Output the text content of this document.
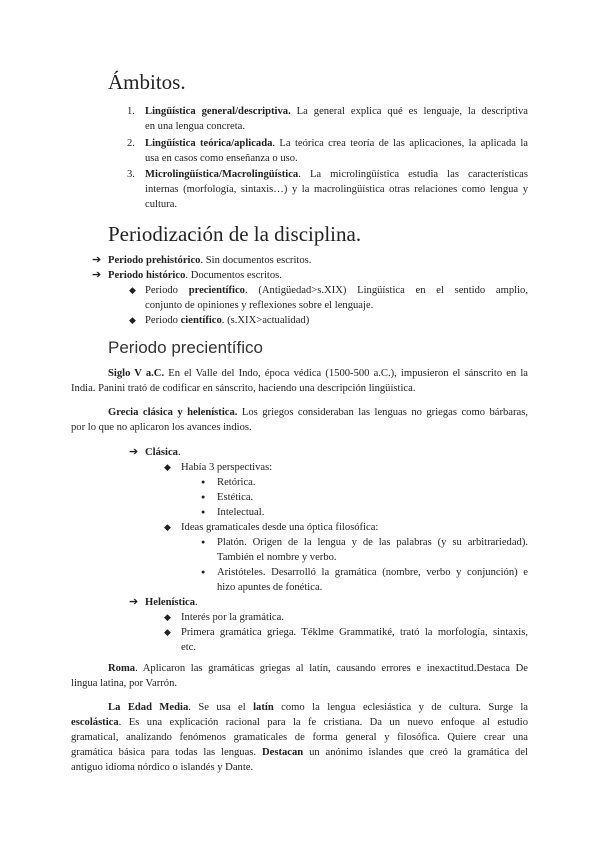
Ámbitos.
1. Lingüística general/descriptiva. La general explica qué es lenguaje, la descriptiva
en una lengua concreta.
2. Lingüística teórica/aplicada. La teórica crea teoría de las aplicaciones, la aplicada la
usa en casos como enseñanza o uso.
3. Microlingüística/Macrolingüística. La microlingüística estudia las características
internas (morfología, sintaxis…) y la macrolingüística otras relaciones como lengua y
cultura.
Periodización de la disciplina.
➔ Periodo prehistórico. Sin documentos escritos.
➔ Periodo histórico. Documentos escritos.
◆ Periodo precientífico. (Antigüedad>s.XIX) Lingüística en el sentido amplio,
conjunto de opiniones y reflexiones sobre el lenguaje.
◆ Periodo científico. (s.XIX>actualidad)
Periodo precientífico
Siglo V a.C. En el Valle del Indo, época védica (1500-500 a.C.), impusieron el sánscrito en la
India. Panini trató de codificar en sánscrito, haciendo una descripción lingüística.
Grecia clásica y helenística. Los griegos consideraban las lenguas no griegas como bárbaras,
por lo que no aplicaron los avances indios.
➔ Clásica.
◆ Había 3 perspectivas:
● Retórica.
● Estética.
● Intelectual.
◆ Ideas gramaticales desde una óptica filosófica:
● Platón. Origen de la lengua y de las palabras (y su arbitrariedad).
También el nombre y verbo.
● Aristóteles. Desarrolló la gramática (nombre, verbo y conjunción) e
hizo apuntes de fonética.
➔ Helenística.
◆ Interés por la gramática.
◆ Primera gramática griega. Téklme Grammatiké, trató la morfología, sintaxis,
etc.
Roma. Aplicaron las gramáticas griegas al latín, causando errores e inexactitud.Destaca De
lingua latina, por Varrón.
La Edad Media. Se usa el latín como la lengua eclesiástica y de cultura. Surge la
escolástica. Es una explicación racional para la fe cristiana. Da un nuevo enfoque al estudio
gramatical, analizando fenómenos gramaticales de forma general y filosófica. Quiere crear una
gramática básica para todas las lenguas. Destacan un anónimo islandes que creó la gramática del
antiguo idioma nórdico o islandés y Dante.
